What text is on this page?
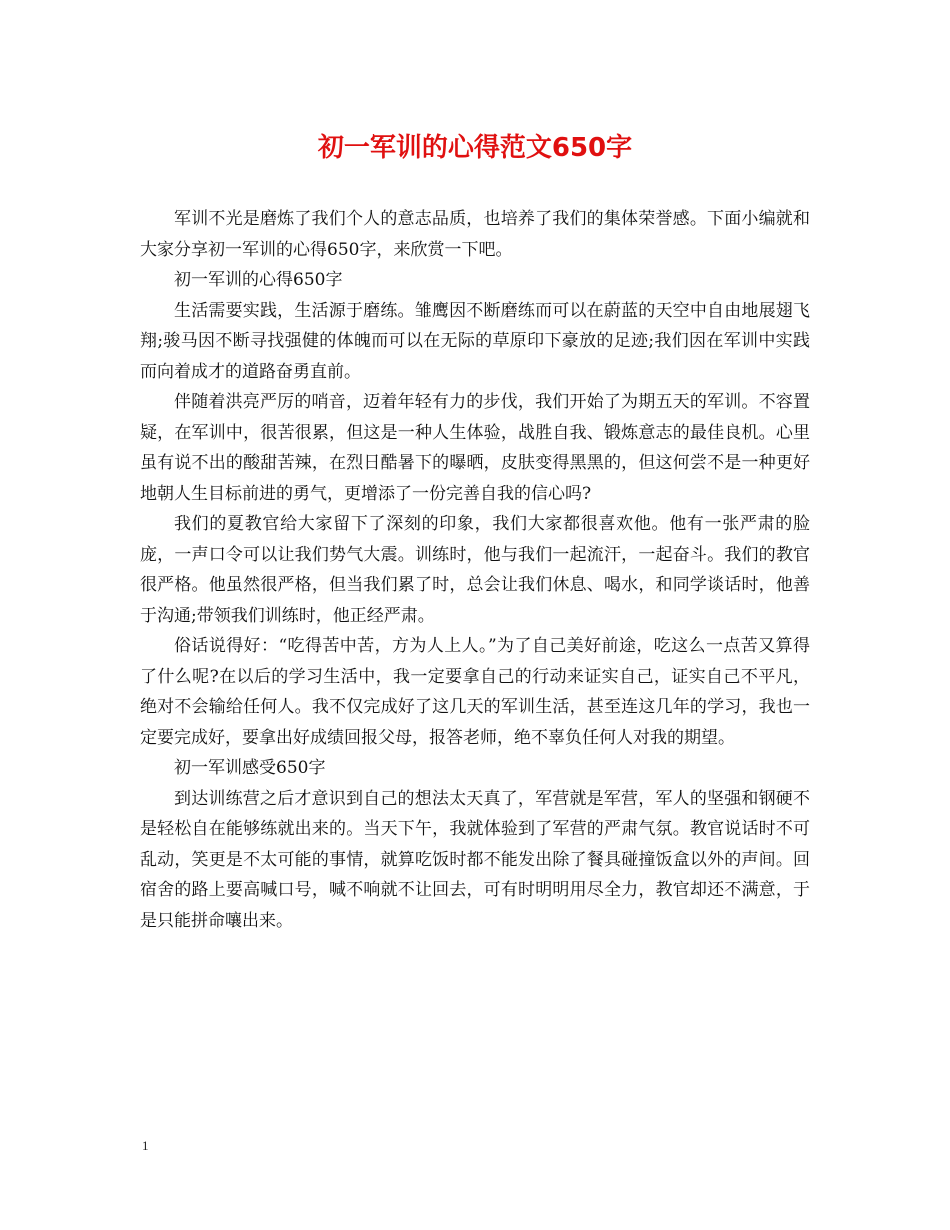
初一军训的心得范文650字

军训不光是磨炼了我们个人的意志品质，也培养了我们的集体荣誉感。下面小编就和大家分享初一军训的心得650字，来欣赏一下吧。

初一军训的心得650字

生活需要实践，生活源于磨练。雏鹰因不断磨练而可以在蔚蓝的天空中自由地展翅飞翔;骏马因不断寻找强健的体魄而可以在无际的草原印下豪放的足迹;我们因在军训中实践而向着成才的道路奋勇直前。

伴随着洪亮严厉的哨音，迈着年轻有力的步伐，我们开始了为期五天的军训。不容置疑，在军训中，很苦很累，但这是一种人生体验，战胜自我、锻炼意志的最佳良机。心里虽有说不出的酸甜苦辣，在烈日酷暑下的曝晒，皮肤变得黑黑的，但这何尝不是一种更好地朝人生目标前进的勇气，更增添了一份完善自我的信心吗?

我们的夏教官给大家留下了深刻的印象，我们大家都很喜欢他。他有一张严肃的脸庞，一声口令可以让我们势气大震。训练时，他与我们一起流汗，一起奋斗。我们的教官很严格。他虽然很严格，但当我们累了时，总会让我们休息、喝水，和同学谈话时，他善于沟通;带领我们训练时，他正经严肃。

俗话说得好：“吃得苦中苦，方为人上人。”为了自己美好前途，吃这么一点苦又算得了什么呢?在以后的学习生活中，我一定要拿自己的行动来证实自己，证实自己不平凡，绝对不会输给任何人。我不仅完成好了这几天的军训生活，甚至连这几年的学习，我也一定要完成好，要拿出好成绩回报父母，报答老师，绝不辜负任何人对我的期望。

初一军训感受650字

到达训练营之后才意识到自己的想法太天真了，军营就是军营，军人的坚强和钢硬不是轻松自在能够练就出来的。当天下午，我就体验到了军营的严肃气氛。教官说话时不可乱动，笑更是不太可能的事情，就算吃饭时都不能发出除了餐具碰撞饭盒以外的声间。回宿舍的路上要高喊口号，喊不响就不让回去，可有时明明用尽全力，教官却还不满意，于是只能拼命嚷出来。

1
